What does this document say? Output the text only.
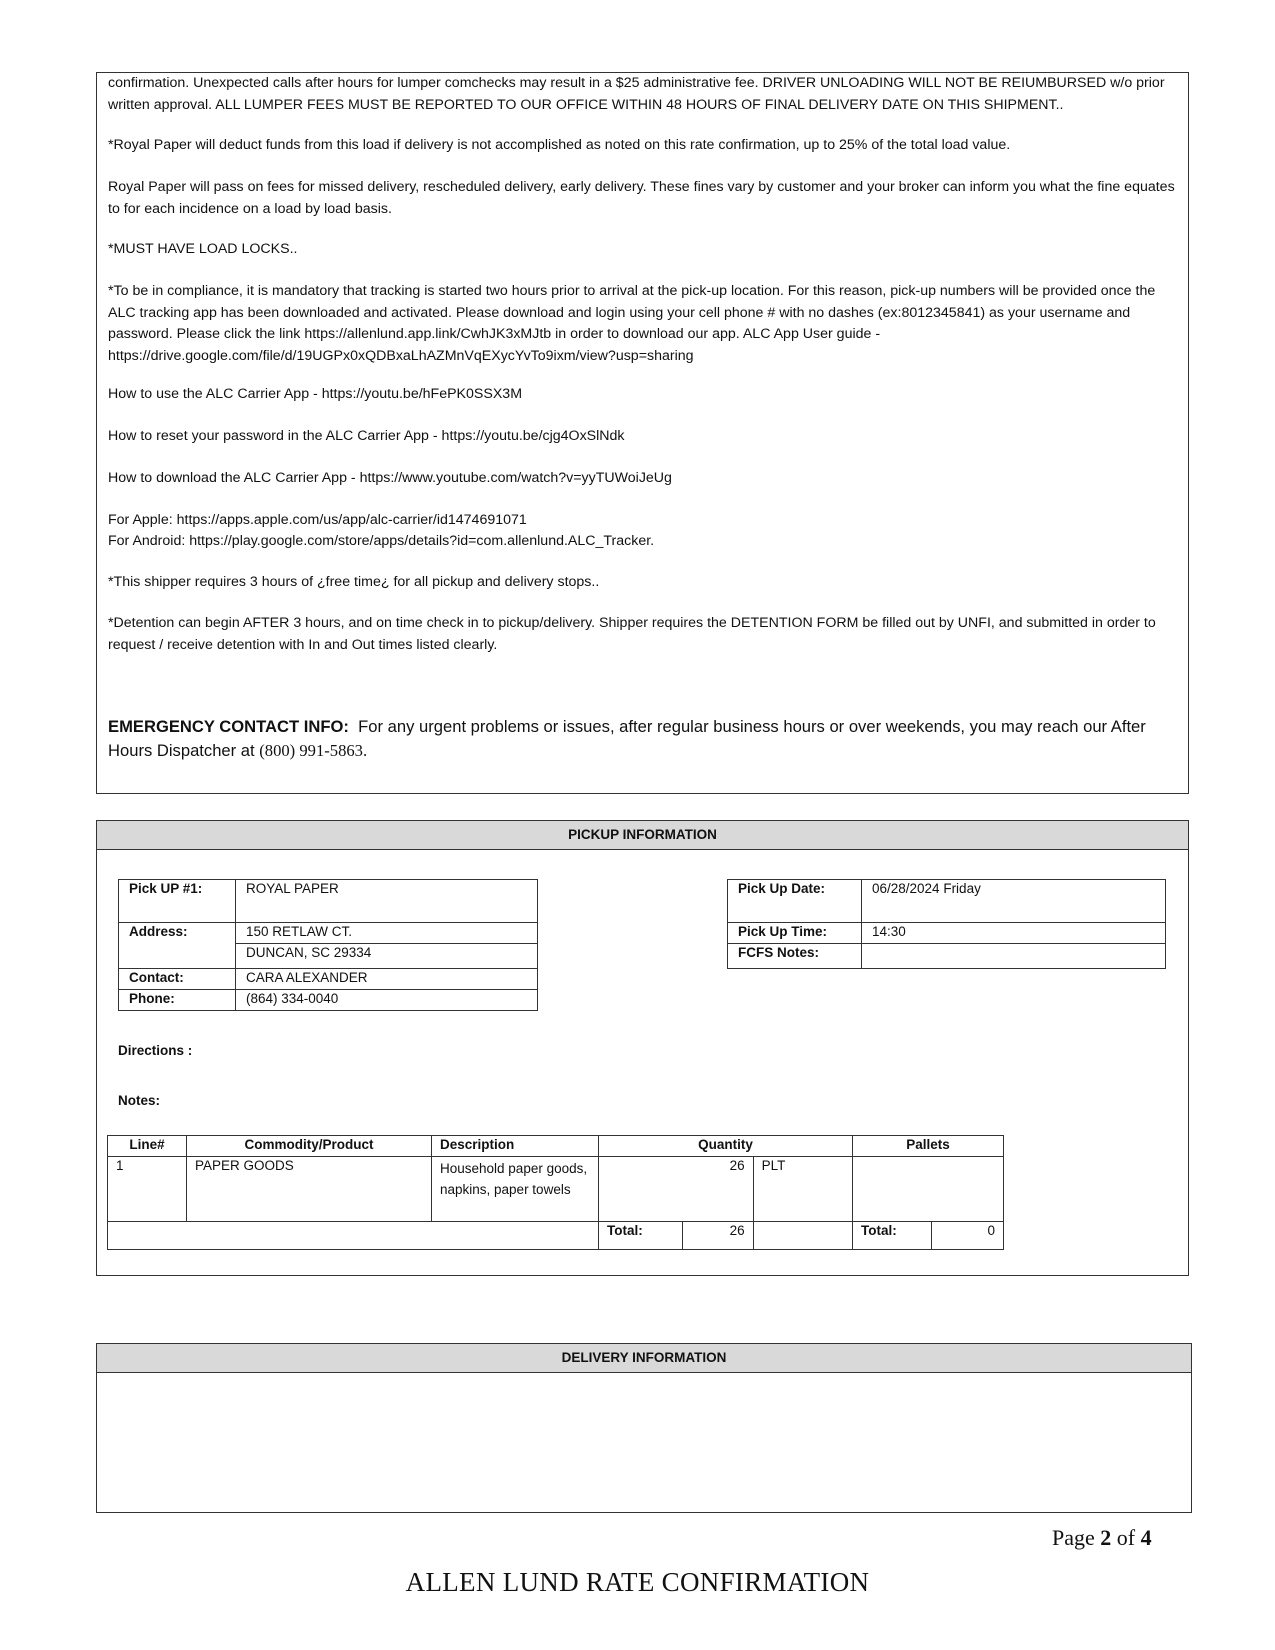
confirmation. Unexpected calls after hours for lumper comchecks may result in a $25 administrative fee. DRIVER UNLOADING WILL NOT BE REIUMBURSED w/o prior written approval. ALL LUMPER FEES MUST BE REPORTED TO OUR OFFICE WITHIN 48 HOURS OF FINAL DELIVERY DATE ON THIS SHIPMENT..
*Royal Paper will deduct funds from this load if delivery is not accomplished as noted on this rate confirmation, up to 25% of the total load value.
Royal Paper will pass on fees for missed delivery, rescheduled delivery, early delivery. These fines vary by customer and your broker can inform you what the fine equates to for each incidence on a load by load basis.
*MUST HAVE LOAD LOCKS..
*To be in compliance, it is mandatory that tracking is started two hours prior to arrival at the pick-up location. For this reason, pick-up numbers will be provided once the ALC tracking app has been downloaded and activated. Please download and login using your cell phone # with no dashes (ex:8012345841) as your username and password. Please click the link https://allenlund.app.link/CwhJK3xMJtb in order to download our app. ALC App User guide - https://drive.google.com/file/d/19UGPx0xQDBxaLhAZMnVqEXycYvTo9ixm/view?usp=sharing
How to use the ALC Carrier App - https://youtu.be/hFePK0SSX3M
How to reset your password in the ALC Carrier App - https://youtu.be/cjg4OxSlNdk
How to download the ALC Carrier App - https://www.youtube.com/watch?v=yyTUWoiJeUg
For Apple: https://apps.apple.com/us/app/alc-carrier/id1474691071
For Android: https://play.google.com/store/apps/details?id=com.allenlund.ALC_Tracker.
*This shipper requires 3 hours of ¿free time¿ for all pickup and delivery stops..
*Detention can begin AFTER 3 hours, and on time check in to pickup/delivery. Shipper requires the DETENTION FORM be filled out by UNFI, and submitted in order to request / receive detention with In and Out times listed clearly.
EMERGENCY CONTACT INFO: For any urgent problems or issues, after regular business hours or over weekends, you may reach our After Hours Dispatcher at (800) 991-5863.
PICKUP INFORMATION
Pick UP #1:	ROYAL PAPER
Address:	150 RETLAW CT.
	DUNCAN, SC 29334
Contact:	CARA ALEXANDER
Phone:	(864) 334-0040
Pick Up Date:	06/28/2024 Friday
Pick Up Time:	14:30
FCFS Notes:	
Directions :
Notes:
Line#	Commodity/Product	Description	Quantity			Pallets	
1	PAPER GOODS	Household paper goods, napkins, paper towels	26		PLT		
			Total:	26		Total:	0
DELIVERY INFORMATION
Page 2 of 4
ALLEN LUND RATE CONFIRMATION
